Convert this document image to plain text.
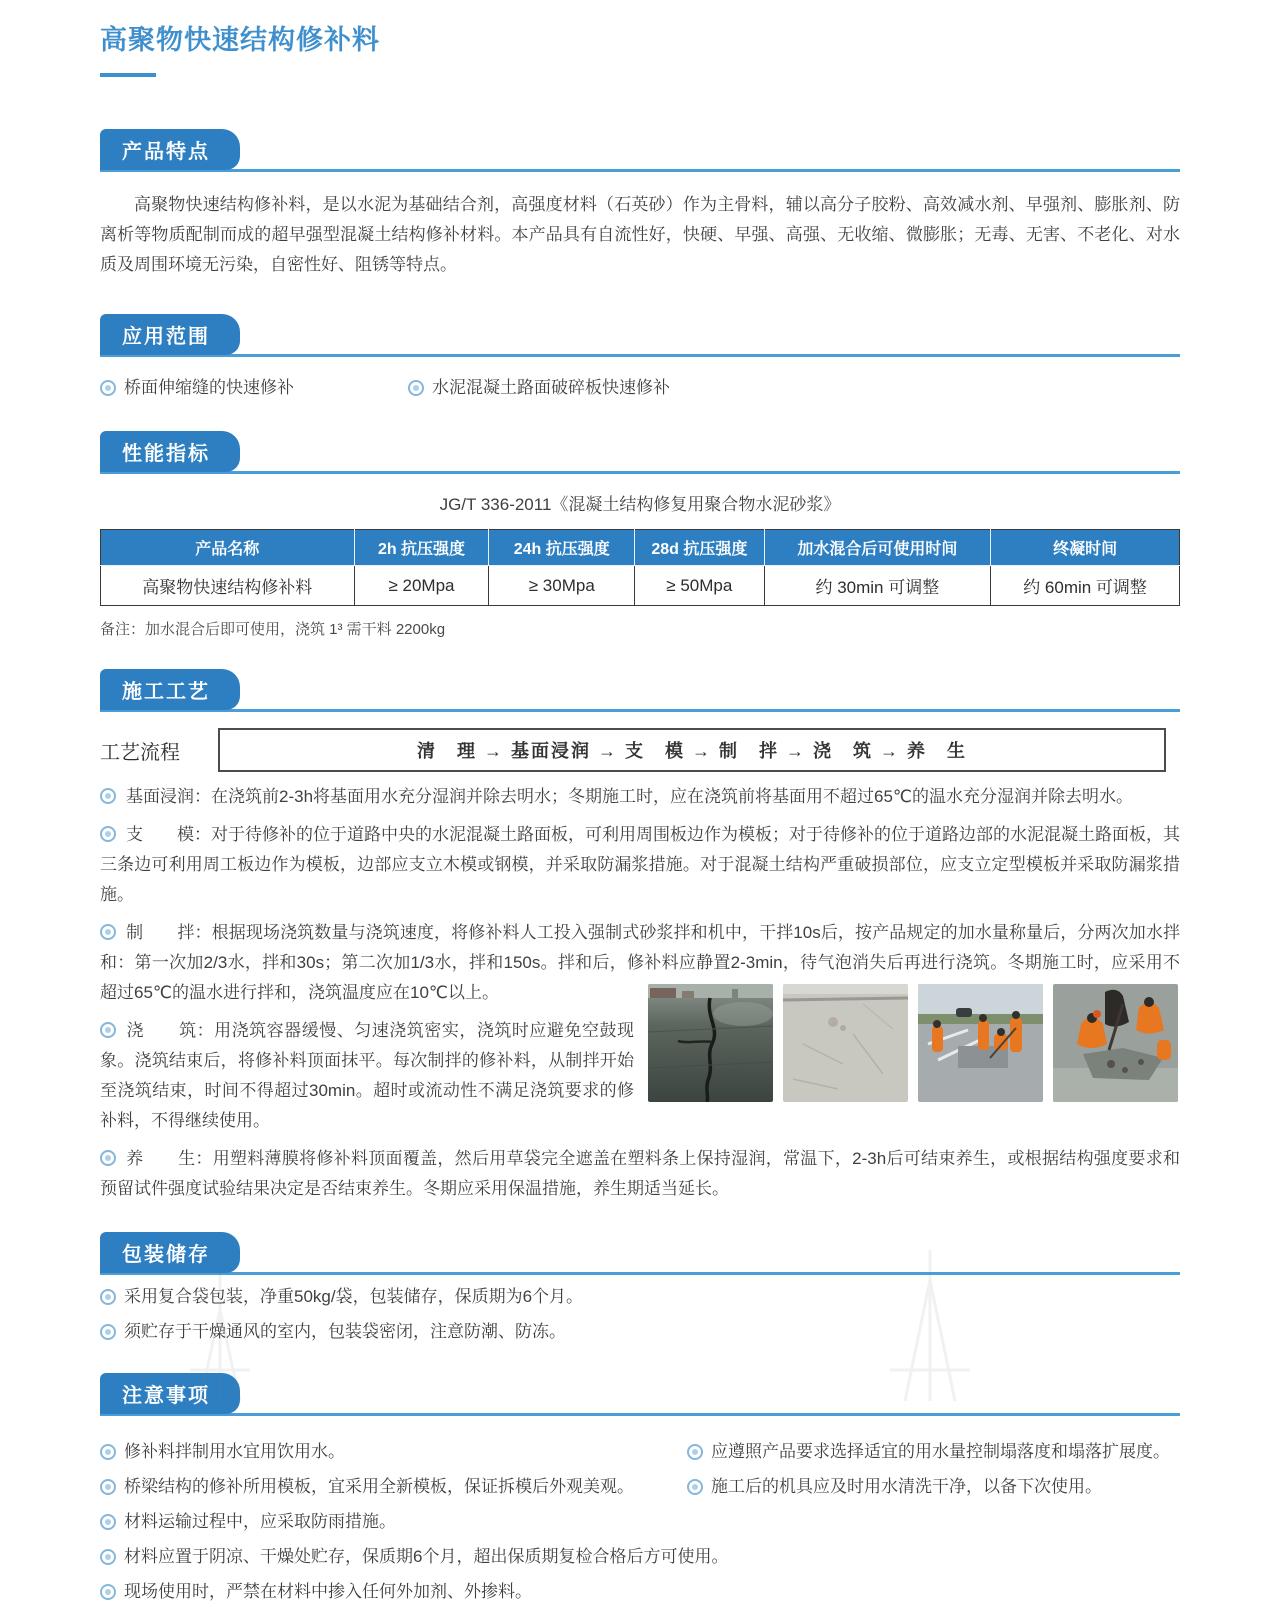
高聚物快速结构修补料
产品特点

高聚物快速结构修补料，是以水泥为基础结合剂，高强度材料（石英砂）作为主骨料，辅以高分子胶粉、高效减水剂、早强剂、膨胀剂、防离析等物质配制而成的超早强型混凝土结构修补材料。本产品具有自流性好，快硬、早强、高强、无收缩、微膨胀；无毒、无害、不老化、对水质及周围环境无污染，自密性好、阻锈等特点。

应用范围
桥面伸缩缝的快速修补	水泥混凝土路面破碎板快速修补
性能指标
JG/T 336-2011《混凝土结构修复用聚合物水泥砂浆》
产品名称	2h 抗压强度	24h 抗压强度	28d 抗压强度	加水混合后可使用时间	终凝时间
高聚物快速结构修补料	≥ 20Mpa	≥ 30Mpa	≥ 50Mpa	约 30min 可调整	约 60min 可调整
备注：加水混合后即可使用，浇筑 1³ 需干料 2200kg
施工工艺
工艺流程	清　理 → 基面浸润 → 支　模 → 制　拌 → 浇　筑 → 养　生

基面浸润：在浇筑前2-3h将基面用水充分湿润并除去明水；冬期施工时，应在浇筑前将基面用不超过65℃的温水充分湿润并除去明水。

支　　模：对于待修补的位于道路中央的水泥混凝土路面板，可利用周围板边作为模板；对于待修补的位于道路边部的水泥混凝土路面板，其三条边可利用周工板边作为模板，边部应支立木模或钢模，并采取防漏浆措施。对于混凝土结构严重破损部位，应支立定型模板并采取防漏浆措施。

制　　拌：根据现场浇筑数量与浇筑速度，将修补料人工投入强制式砂浆拌和机中，干拌10s后，按产品规定的加水量称量后，分两次加水拌和：第一次加2/3水，拌和30s；第二次加1/3水，拌和150s。拌和后，修补料应静置2-3min，待气泡消失后再进行浇筑。冬期施工时，应采用不超过65℃的温水进行拌和，浇筑温度应在10℃以上。

浇　　筑：用浇筑容器缓慢、匀速浇筑密实，浇筑时应避免空鼓现象。浇筑结束后，将修补料顶面抹平。每次制拌的修补料，从制拌开始至浇筑结束，时间不得超过30min。超时或流动性不满足浇筑要求的修补料，不得继续使用。

养　　生：用塑料薄膜将修补料顶面覆盖，然后用草袋完全遮盖在塑料条上保持湿润，常温下，2-3h后可结束养生，或根据结构强度要求和预留试件强度试验结果决定是否结束养生。冬期应采用保温措施，养生期适当延长。

包装储存
采用复合袋包装，净重50kg/袋，包装储存，保质期为6个月。
须贮存于干燥通风的室内，包装袋密闭，注意防潮、防冻。
注意事项
修补料拌制用水宜用饮用水。	应遵照产品要求选择适宜的用水量控制塌落度和塌落扩展度。
桥梁结构的修补所用模板，宜采用全新模板，保证拆模后外观美观。	施工后的机具应及时用水清洗干净，以备下次使用。
材料运输过程中，应采取防雨措施。
材料应置于阴凉、干燥处贮存，保质期6个月，超出保质期复检合格后方可使用。
现场使用时，严禁在材料中掺入任何外加剂、外掺料。
